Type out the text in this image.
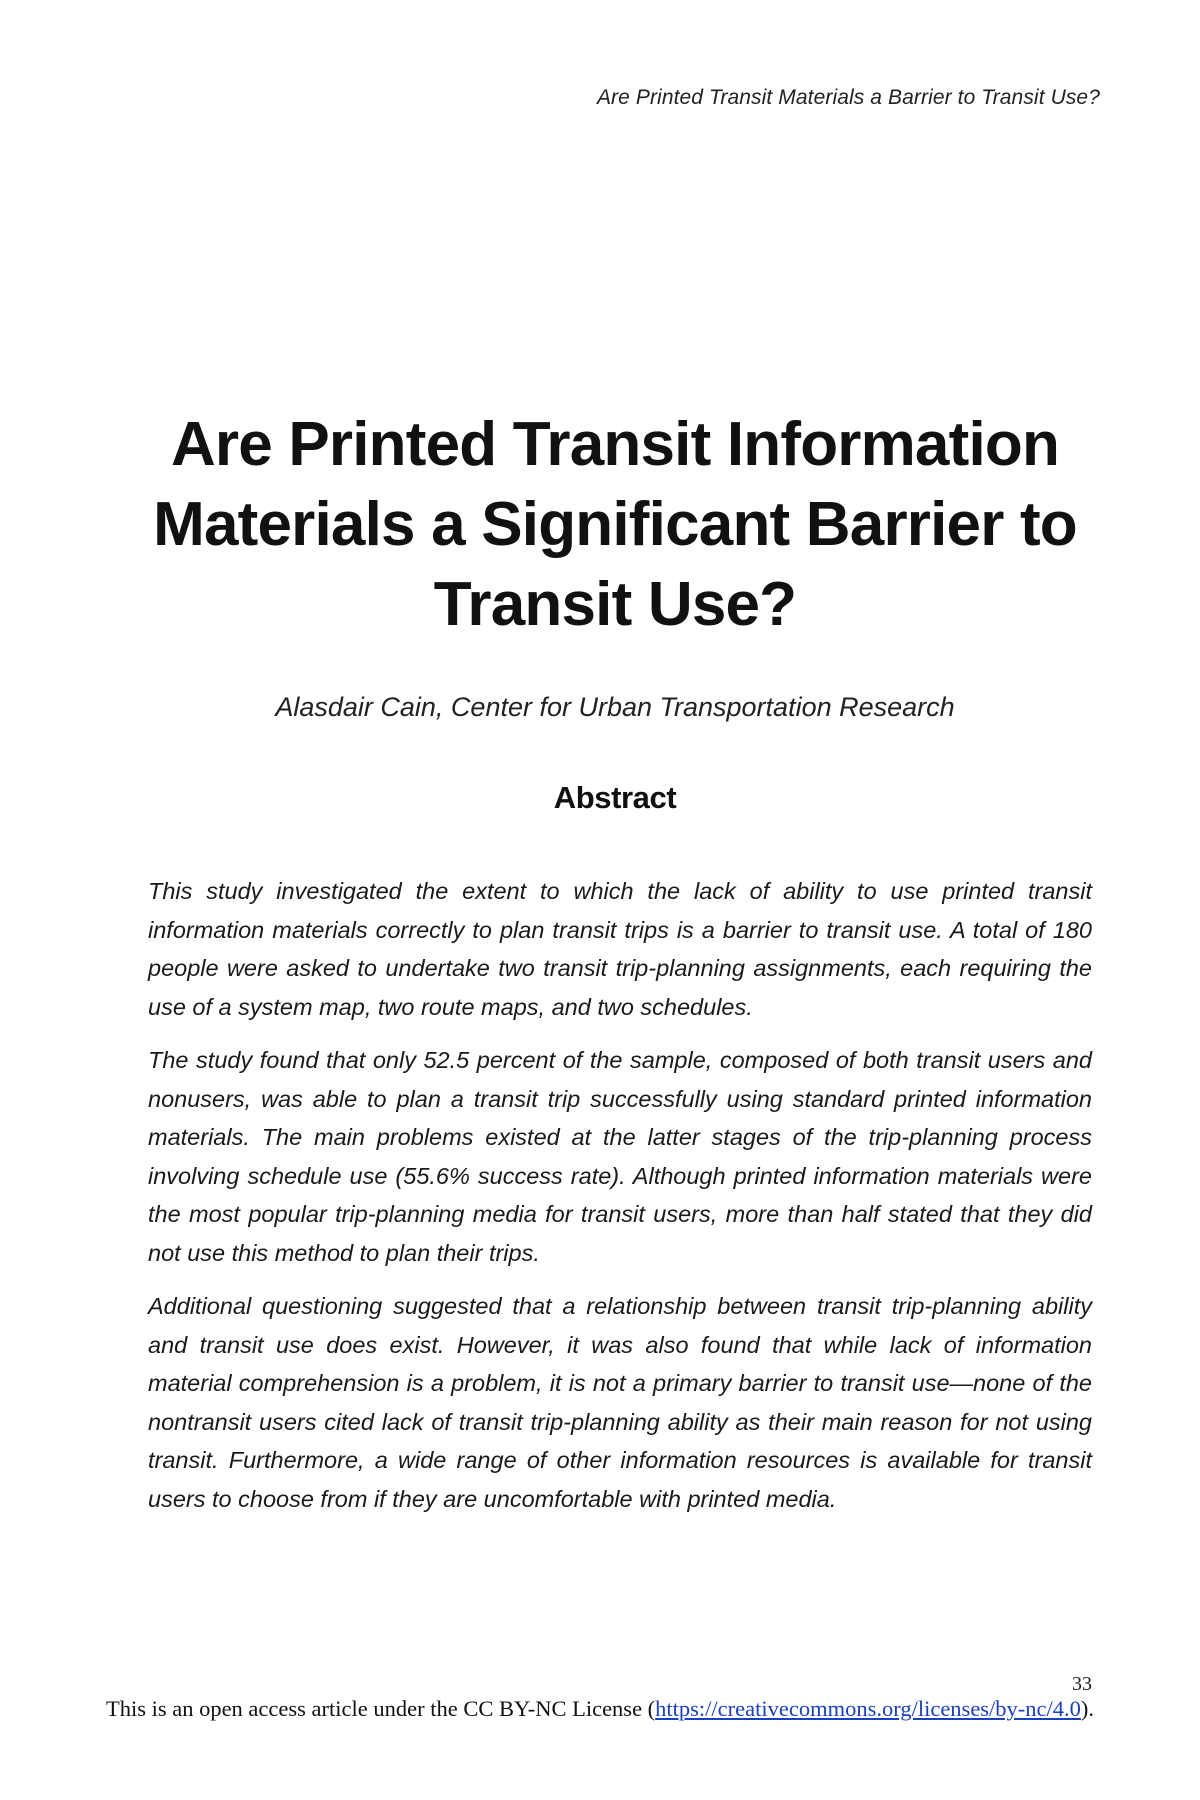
Are Printed Transit Materials a Barrier to Transit Use?
Are Printed Transit Information
Materials a Significant Barrier to
Transit Use?
Alasdair Cain, Center for Urban Transportation Research
Abstract

This study investigated the extent to which the lack of ability to use printed transit information materials correctly to plan transit trips is a barrier to transit use. A total of 180 people were asked to undertake two transit trip-planning assignments, each requiring the use of a system map, two route maps, and two schedules.

The study found that only 52.5 percent of the sample, composed of both transit users and nonusers, was able to plan a transit trip successfully using standard printed information materials. The main problems existed at the latter stages of the trip-planning process involving schedule use (55.6% success rate). Although printed information materials were the most popular trip-planning media for transit users, more than half stated that they did not use this method to plan their trips.

Additional questioning suggested that a relationship between transit trip-planning ability and transit use does exist. However, it was also found that while lack of information material comprehension is a problem, it is not a primary barrier to transit use—none of the nontransit users cited lack of transit trip-planning ability as their main reason for not using transit. Furthermore, a wide range of other information resources is available for transit users to choose from if they are uncomfortable with printed media.

33
This is an open access article under the CC BY-NC License (https://creativecommons.org/licenses/by-nc/4.0).
